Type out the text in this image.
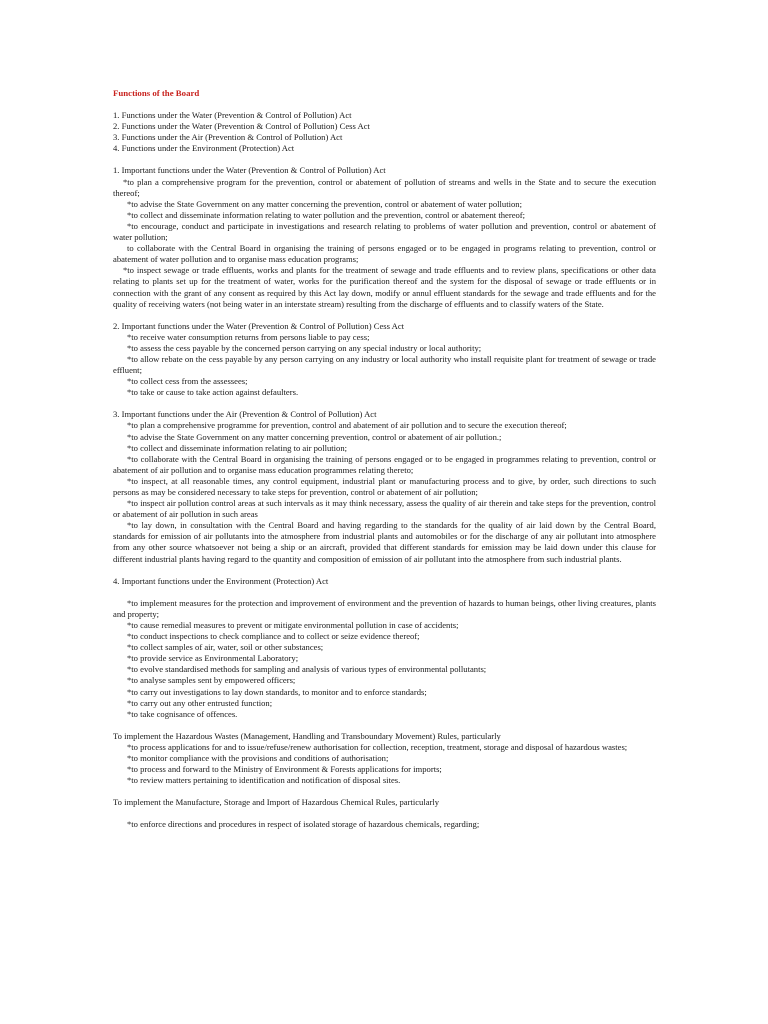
Functions of the Board
1. Functions under the Water (Prevention & Control of Pollution) Act
2. Functions under the Water (Prevention & Control of Pollution) Cess Act
3. Functions under the Air (Prevention & Control of Pollution) Act
4. Functions under the Environment (Protection) Act
1. Important functions under the Water (Prevention & Control of Pollution) Act
*to plan a comprehensive program for the prevention, control or abatement of pollution of streams and wells in the State and to secure the execution thereof;
*to advise the State Government on any matter concerning the prevention, control or abatement of water pollution;
*to collect and disseminate information relating to water pollution and the prevention, control or abatement thereof;
*to encourage, conduct and participate in investigations and research relating to problems of water pollution and prevention, control or abatement of water pollution;
to collaborate with the Central Board in organising the training of persons engaged or to be engaged in programs relating to prevention, control or abatement of water pollution and to organise mass education programs;
*to inspect sewage or trade effluents, works and plants for the treatment of sewage and trade effluents and to review plans, specifications or other data relating to plants set up for the treatment of water, works for the purification thereof and the system for the disposal of sewage or trade effluents or in connection with the grant of any consent as required by this Act lay down, modify or annul effluent standards for the sewage and trade effluents and for the quality of receiving waters (not being water in an interstate stream) resulting from the discharge of effluents and to classify waters of the State.
2. Important functions under the Water (Prevention & Control of Pollution) Cess Act
*to receive water consumption returns from persons liable to pay cess;
*to assess the cess payable by the concerned person carrying on any special industry or local authority;
*to allow rebate on the cess payable by any person carrying on any industry or local authority who install requisite plant for treatment of sewage or trade effluent;
*to collect cess from the assessees;
*to take or cause to take action against defaulters.
3. Important functions under the Air (Prevention & Control of Pollution) Act
*to plan a comprehensive programme for prevention, control and abatement of air pollution and to secure the execution thereof;
*to advise the State Government on any matter concerning prevention, control or abatement of air pollution.;
*to collect and disseminate information relating to air pollution;
*to collaborate with the Central Board in organising the training of persons engaged or to be engaged in programmes relating to prevention, control or abatement of air pollution and to organise mass education programmes relating thereto;
*to inspect, at all reasonable times, any control equipment, industrial plant or manufacturing process and to give, by order, such directions to such persons as may be considered necessary to take steps for prevention, control or abatement of air pollution;
*to inspect air pollution control areas at such intervals as it may think necessary, assess the quality of air therein and take steps for the prevention, control or abatement of air pollution in such areas
*to lay down, in consultation with the Central Board and having regarding to the standards for the quality of air laid down by the Central Board, standards for emission of air pollutants into the atmosphere from industrial plants and automobiles or for the discharge of any air pollutant into atmosphere from any other source whatsoever not being a ship or an aircraft, provided that different standards for emission may be laid down under this clause for different industrial plants having regard to the quantity and composition of emission of air pollutant into the atmosphere from such industrial plants.
4. Important functions under the Environment (Protection) Act
*to implement measures for the protection and improvement of environment and the prevention of hazards to human beings, other living creatures, plants and property;
*to cause remedial measures to prevent or mitigate environmental pollution in case of accidents;
*to conduct inspections to check compliance and to collect or seize evidence thereof;
*to collect samples of air, water, soil or other substances;
*to provide service as Environmental Laboratory;
*to evolve standardised methods for sampling and analysis of various types of environmental pollutants;
*to analyse samples sent by empowered officers;
*to carry out investigations to lay down standards, to monitor and to enforce standards;
*to carry out any other entrusted function;
*to take cognisance of offences.
To implement the Hazardous Wastes (Management, Handling and Transboundary Movement) Rules, particularly
*to process applications for and to issue/refuse/renew authorisation for collection, reception, treatment, storage and disposal of hazardous wastes;
*to monitor compliance with the provisions and conditions of authorisation;
*to process and forward to the Ministry of Environment & Forests applications for imports;
*to review matters pertaining to identification and notification of disposal sites.
To implement the Manufacture, Storage and Import of Hazardous Chemical Rules, particularly
*to enforce directions and procedures in respect of isolated storage of hazardous chemicals, regarding;
